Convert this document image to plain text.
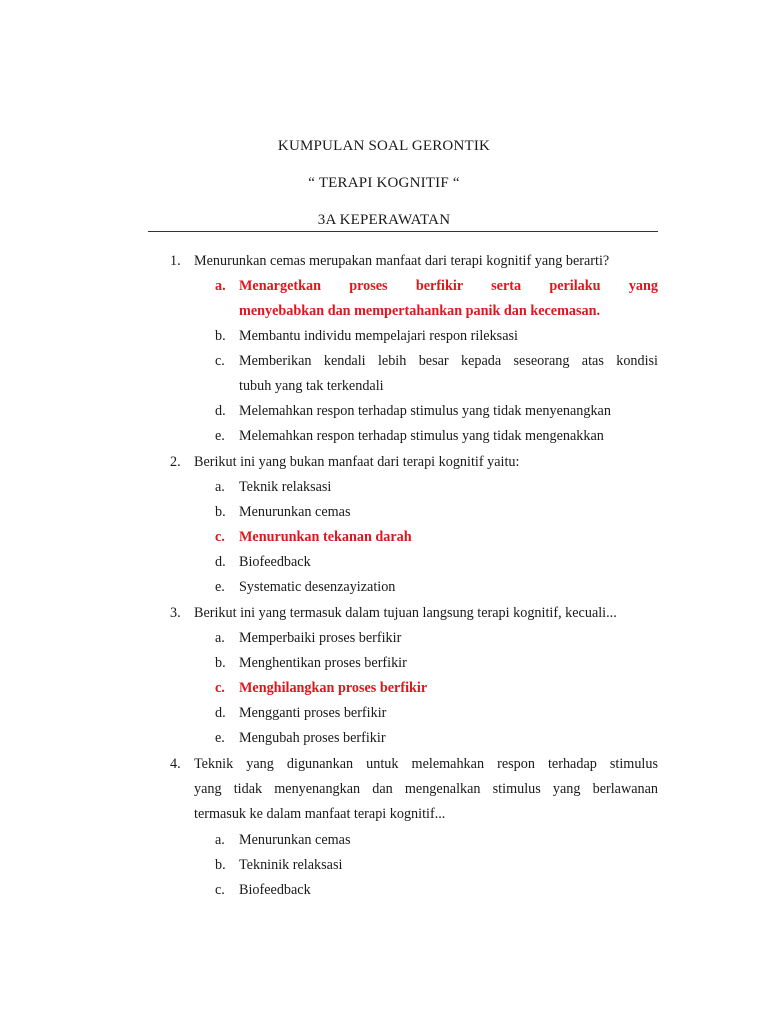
KUMPULAN SOAL GERONTIK
“ TERAPI KOGNITIF “
3A KEPERAWATAN
1. Menurunkan cemas merupakan manfaat dari terapi kognitif yang berarti?
a. Menargetkan proses berfikir serta perilaku yang
menyebabkan dan mempertahankan panik dan kecemasan.
b. Membantu individu mempelajari respon rileksasi
c. Memberikan kendali lebih besar kepada seseorang atas kondisi
tubuh yang tak terkendali
d. Melemahkan respon terhadap stimulus yang tidak menyenangkan
e. Melemahkan respon terhadap stimulus yang tidak mengenakkan
2. Berikut ini yang bukan manfaat dari terapi kognitif yaitu:
a. Teknik relaksasi
b. Menurunkan cemas
c. Menurunkan tekanan darah
d. Biofeedback
e. Systematic desenzayization
3. Berikut ini yang termasuk dalam tujuan langsung terapi kognitif, kecuali...
a. Memperbaiki proses berfikir
b. Menghentikan proses berfikir
c. Menghilangkan proses berfikir
d. Mengganti proses berfikir
e. Mengubah proses berfikir
4. Teknik yang digunankan untuk melemahkan respon terhadap stimulus
yang tidak menyenangkan dan mengenalkan stimulus yang berlawanan
termasuk ke dalam manfaat terapi kognitif...
a. Menurunkan cemas
b. Tekninik relaksasi
c. Biofeedback
